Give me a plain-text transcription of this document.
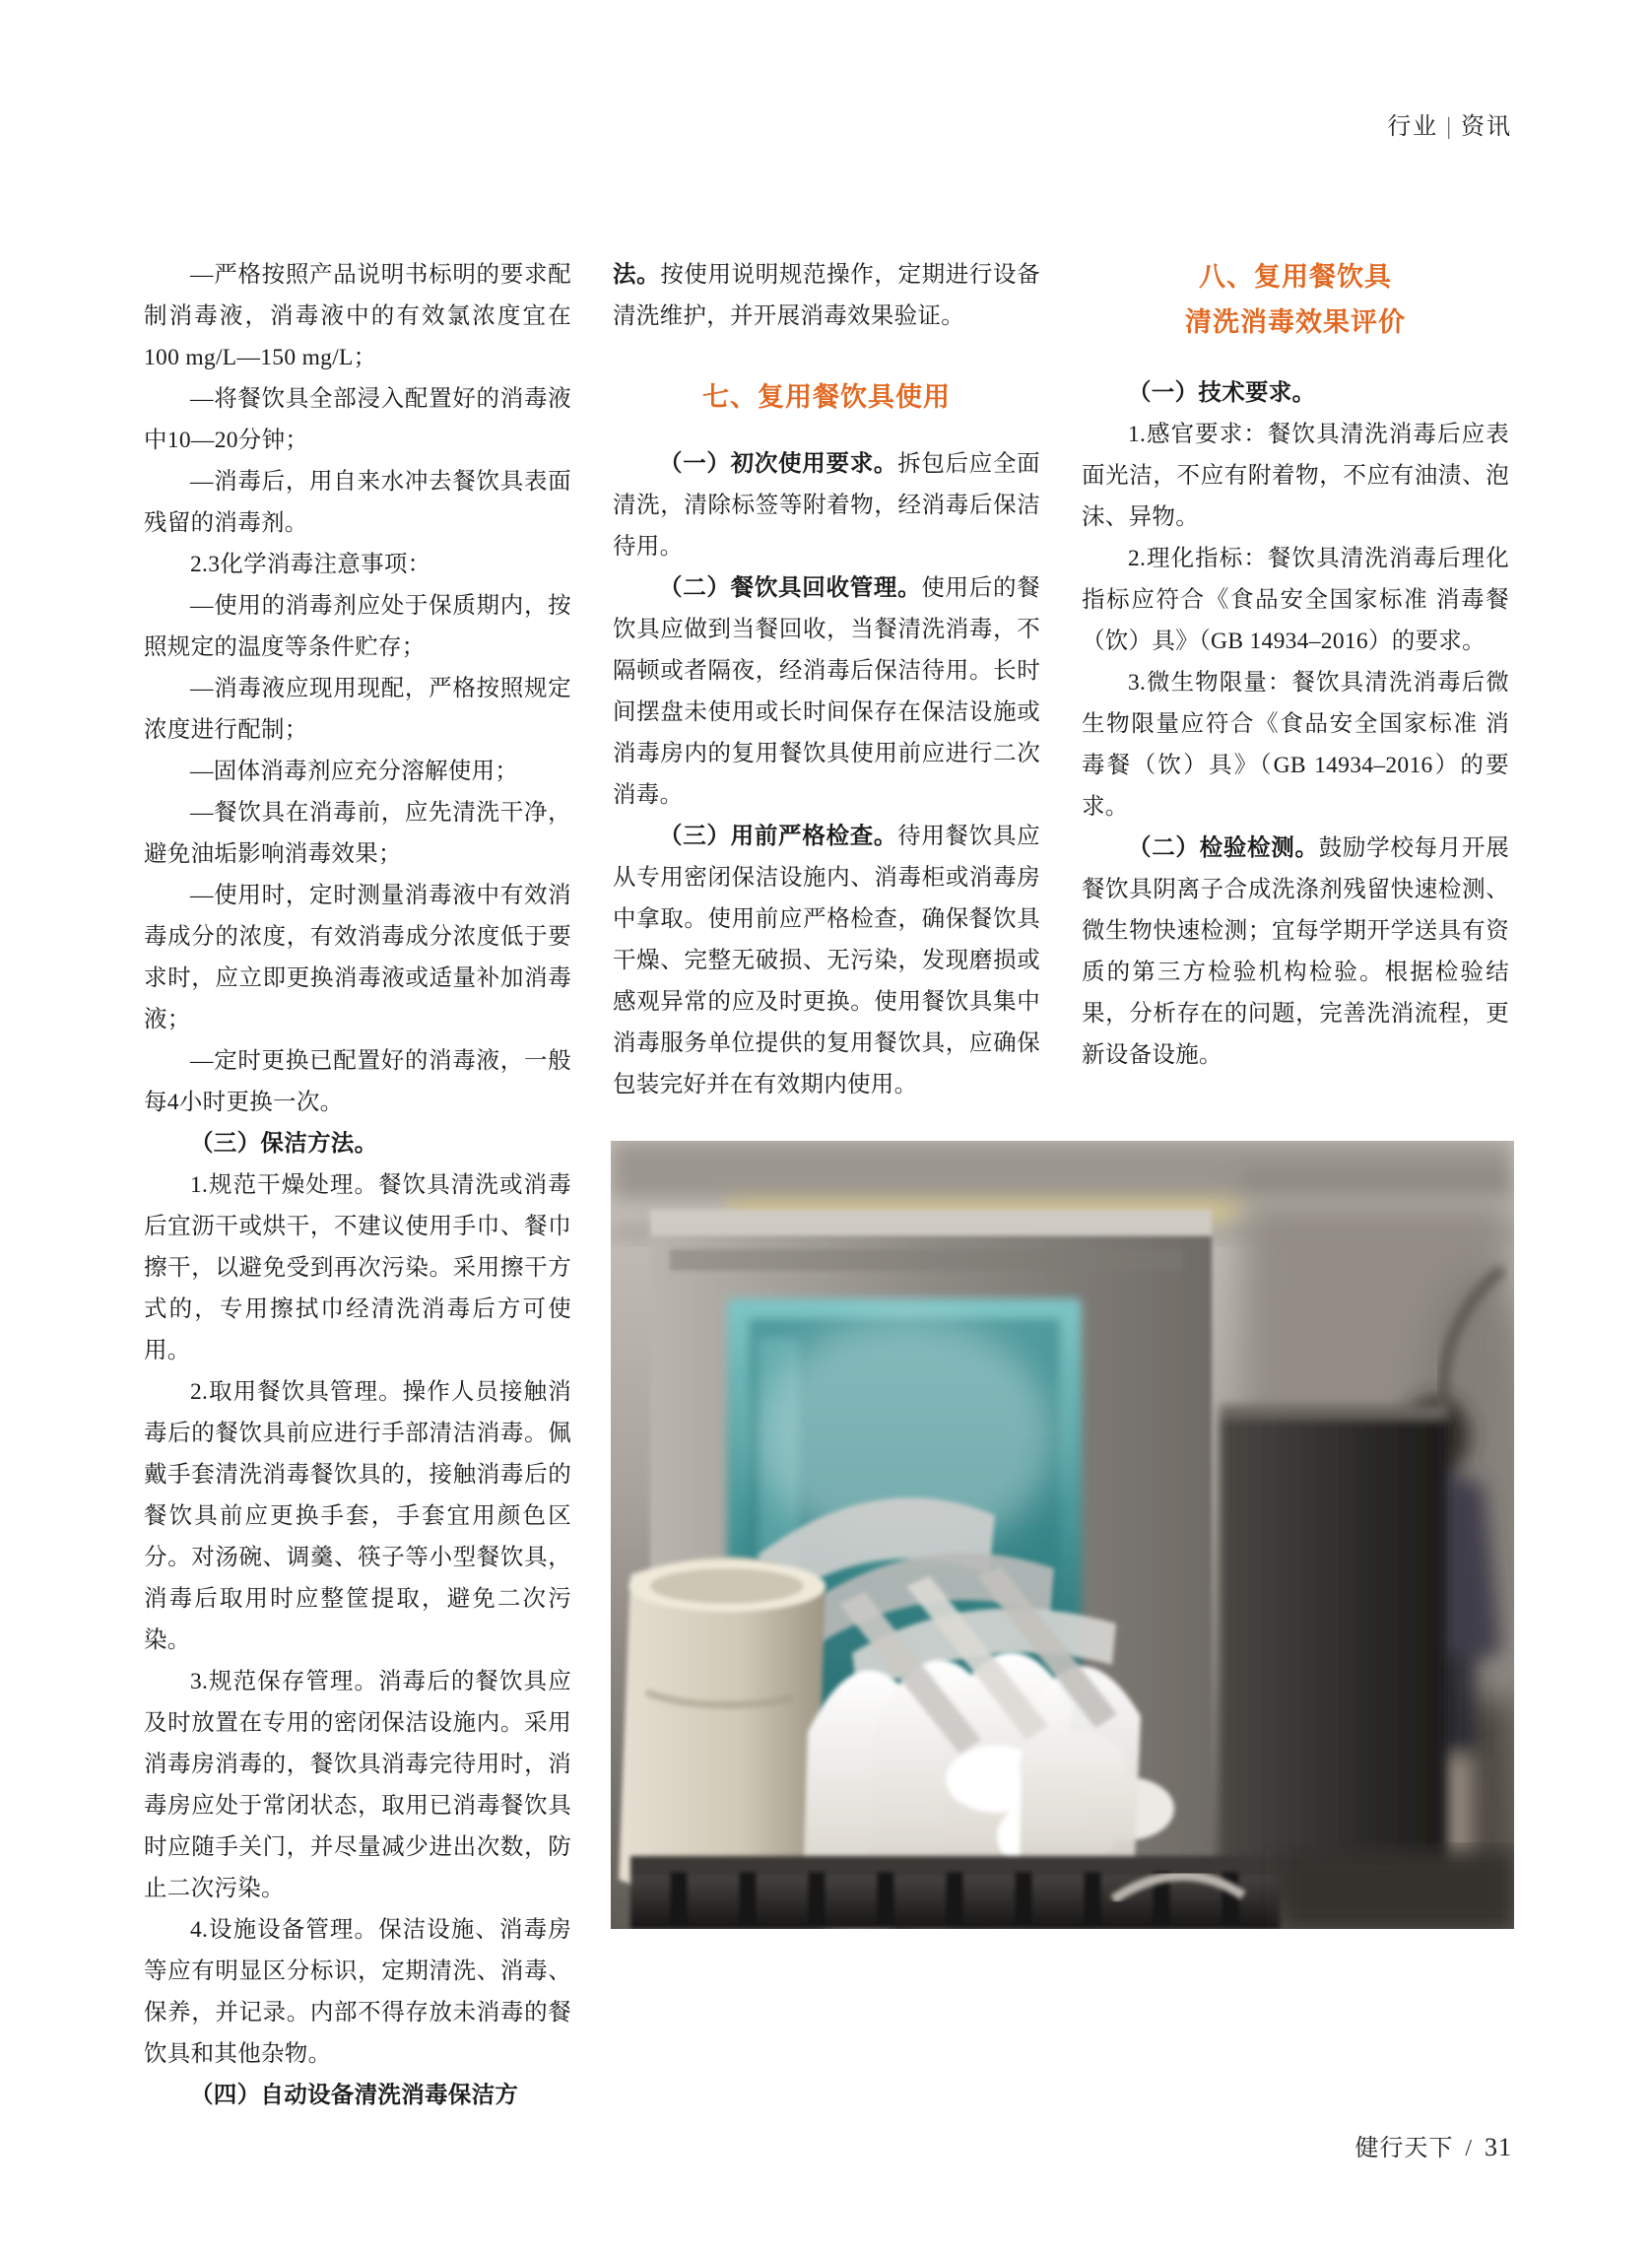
行业 | 资讯

—严格按照产品说明书标明的要求配制消毒液，消毒液中的有效氯浓度宜在100 mg/L—150 mg/L；

—将餐饮具全部浸入配置好的消毒液中10—20分钟；

—消毒后，用自来水冲去餐饮具表面残留的消毒剂。

2.3化学消毒注意事项：

—使用的消毒剂应处于保质期内，按照规定的温度等条件贮存；

—消毒液应现用现配，严格按照规定浓度进行配制；

—固体消毒剂应充分溶解使用；

—餐饮具在消毒前，应先清洗干净，避免油垢影响消毒效果；

—使用时，定时测量消毒液中有效消毒成分的浓度，有效消毒成分浓度低于要求时，应立即更换消毒液或适量补加消毒液；

—定时更换已配置好的消毒液，一般每4小时更换一次。

（三）保洁方法。

1.规范干燥处理。餐饮具清洗或消毒后宜沥干或烘干，不建议使用手巾、餐巾擦干，以避免受到再次污染。采用擦干方式的，专用擦拭巾经清洗消毒后方可使用。

2.取用餐饮具管理。操作人员接触消毒后的餐饮具前应进行手部清洁消毒。佩戴手套清洗消毒餐饮具的，接触消毒后的餐饮具前应更换手套，手套宜用颜色区分。对汤碗、调羹、筷子等小型餐饮具，消毒后取用时应整筐提取，避免二次污染。

3.规范保存管理。消毒后的餐饮具应及时放置在专用的密闭保洁设施内。采用消毒房消毒的，餐饮具消毒完待用时，消毒房应处于常闭状态，取用已消毒餐饮具时应随手关门，并尽量减少进出次数，防止二次污染。

4.设施设备管理。保洁设施、消毒房等应有明显区分标识，定期清洗、消毒、保养，并记录。内部不得存放未消毒的餐饮具和其他杂物。

（四）自动设备清洗消毒保洁方

法。按使用说明规范操作，定期进行设备清洗维护，并开展消毒效果验证。

七、复用餐饮具使用

（一）初次使用要求。拆包后应全面清洗，清除标签等附着物，经消毒后保洁待用。

（二）餐饮具回收管理。使用后的餐饮具应做到当餐回收，当餐清洗消毒，不隔顿或者隔夜，经消毒后保洁待用。长时间摆盘未使用或长时间保存在保洁设施或消毒房内的复用餐饮具使用前应进行二次消毒。

（三）用前严格检查。待用餐饮具应从专用密闭保洁设施内、消毒柜或消毒房中拿取。使用前应严格检查，确保餐饮具干燥、完整无破损、无污染，发现磨损或感观异常的应及时更换。使用餐饮具集中消毒服务单位提供的复用餐饮具，应确保包装完好并在有效期内使用。

八、复用餐饮具
清洗消毒效果评价

（一）技术要求。

1.感官要求：餐饮具清洗消毒后应表面光洁，不应有附着物，不应有油渍、泡沫、异物。

2.理化指标：餐饮具清洗消毒后理化指标应符合《食品安全国家标准 消毒餐（饮）具》（GB 14934–2016）的要求。

3.微生物限量：餐饮具清洗消毒后微生物限量应符合《食品安全国家标准 消毒餐（饮）具》（GB 14934–2016）的要求。

（二）检验检测。鼓励学校每月开展餐饮具阴离子合成洗涤剂残留快速检测、微生物快速检测；宜每学期开学送具有资质的第三方检验机构检验。根据检验结果，分析存在的问题，完善洗消流程，更新设备设施。

健行天下 / 31
